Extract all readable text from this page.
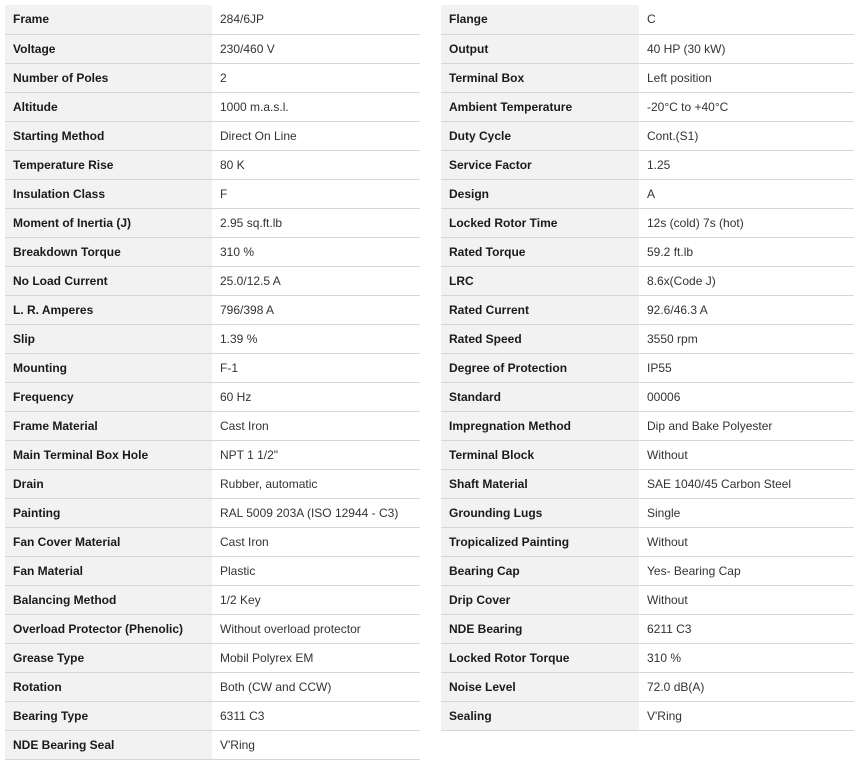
Frame	284/6JP
Voltage	230/460 V
Number of Poles	2
Altitude	1000 m.a.s.l.
Starting Method	Direct On Line
Temperature Rise	80 K
Insulation Class	F
Moment of Inertia (J)	2.95 sq.ft.lb
Breakdown Torque	310 %
No Load Current	25.0/12.5 A
L. R. Amperes	796/398 A
Slip	1.39 %
Mounting	F-1
Frequency	60 Hz
Frame Material	Cast Iron
Main Terminal Box Hole	NPT 1 1/2"
Drain	Rubber, automatic
Painting	RAL 5009 203A (ISO 12944 - C3)
Fan Cover Material	Cast Iron
Fan Material	Plastic
Balancing Method	1/2 Key
Overload Protector (Phenolic)	Without overload protector
Grease Type	Mobil Polyrex EM
Rotation	Both (CW and CCW)
Bearing Type	6311 C3
NDE Bearing Seal	V'Ring
Flange	C
Output	40 HP (30 kW)
Terminal Box	Left position
Ambient Temperature	-20°C to +40°C
Duty Cycle	Cont.(S1)
Service Factor	1.25
Design	A
Locked Rotor Time	12s (cold) 7s (hot)
Rated Torque	59.2 ft.lb
LRC	8.6x(Code J)
Rated Current	92.6/46.3 A
Rated Speed	3550 rpm
Degree of Protection	IP55
Standard	00006
Impregnation Method	Dip and Bake Polyester
Terminal Block	Without
Shaft Material	SAE 1040/45 Carbon Steel
Grounding Lugs	Single
Tropicalized Painting	Without
Bearing Cap	Yes- Bearing Cap
Drip Cover	Without
NDE Bearing	6211 C3
Locked Rotor Torque	310 %
Noise Level	72.0 dB(A)
Sealing	V'Ring
